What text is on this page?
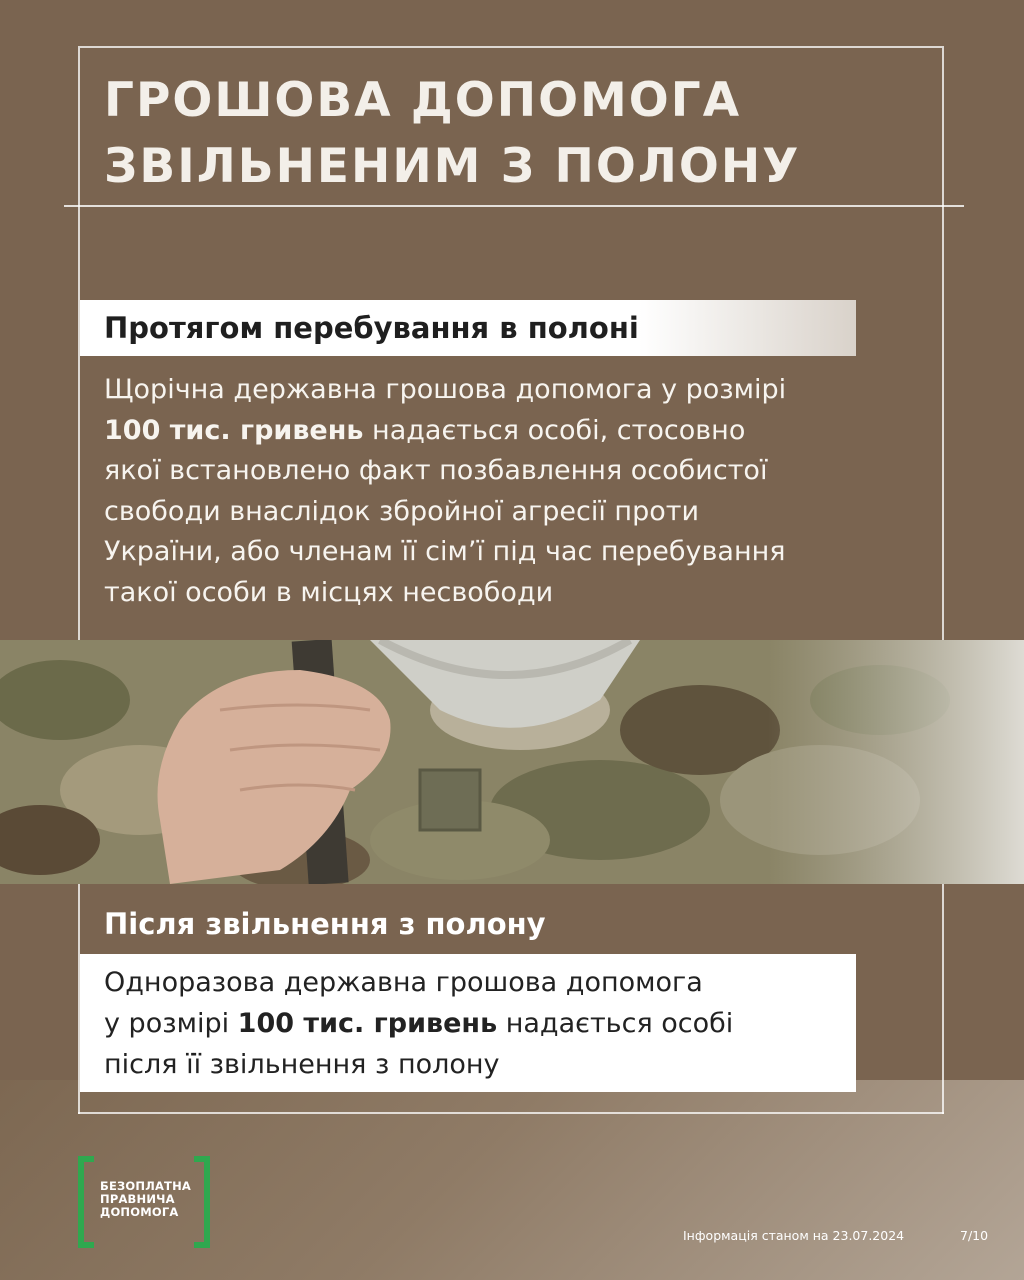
ГРОШОВА ДОПОМОГА
ЗВІЛЬНЕНИМ З ПОЛОНУ
Протягом перебування в полоні
Щорічна державна грошова допомога у розмірі
100 тис. гривень надається особі, стосовно
якої встановлено факт позбавлення особистої
свободи внаслідок збройної агресії проти
України, або членам її сім’ї під час перебування
такої особи в місцях несвободи
Після звільнення з полону
Одноразова державна грошова допомога
у розмірі 100 тис. гривень надається особі
після її звільнення з полону
БЕЗОПЛАТНА
ПРАВНИЧА
ДОПОМОГА
Інформація станом на 23.07.2024	7/10
